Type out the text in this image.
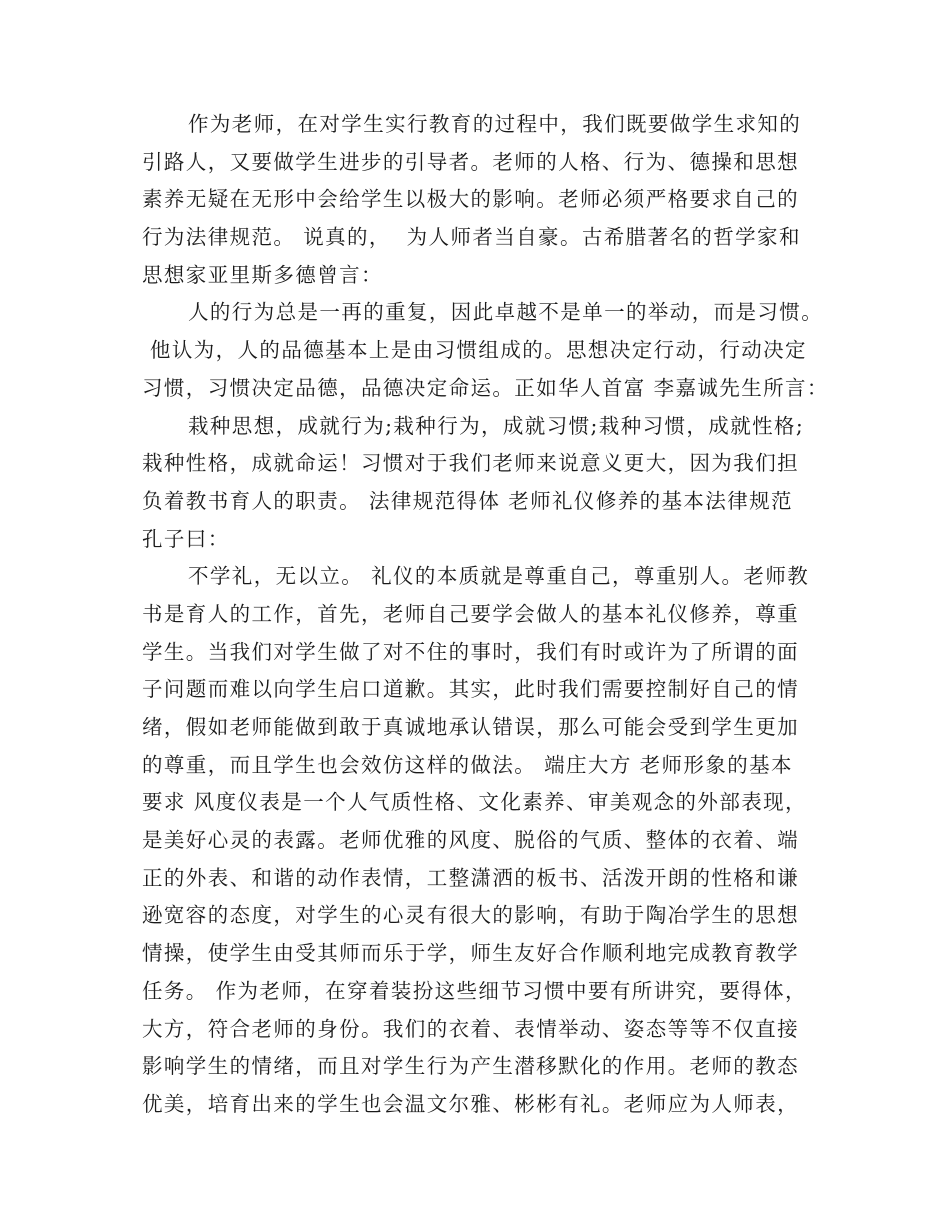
作为老师，在对学生实行教育的过程中，我们既要做学生求知的
引路人，又要做学生进步的引导者。老师的人格、行为、德操和思想
素养无疑在无形中会给学生以极大的影响。老师必须严格要求自己的
行为法律规范。 说真的，  为人师者当自豪。古希腊著名的哲学家和
思想家亚里斯多德曾言：
人的行为总是一再的重复，因此卓越不是单一的举动，而是习惯。
他认为，人的品德基本上是由习惯组成的。思想决定行动，行动决定
习惯，习惯决定品德，品德决定命运。正如华人首富 李嘉诚先生所言：
栽种思想，成就行为;栽种行为，成就习惯;栽种习惯，成就性格;
栽种性格，成就命运！习惯对于我们老师来说意义更大，因为我们担
负着教书育人的职责。 法律规范得体 老师礼仪修养的基本法律规范
孔子曰：
不学礼，无以立。 礼仪的本质就是尊重自己，尊重别人。老师教
书是育人的工作，首先，老师自己要学会做人的基本礼仪修养，尊重
学生。当我们对学生做了对不住的事时，我们有时或许为了所谓的面
子问题而难以向学生启口道歉。其实，此时我们需要控制好自己的情
绪，假如老师能做到敢于真诚地承认错误，那么可能会受到学生更加
的尊重，而且学生也会效仿这样的做法。 端庄大方 老师形象的基本
要求 风度仪表是一个人气质性格、文化素养、审美观念的外部表现，
是美好心灵的表露。老师优雅的风度、脱俗的气质、整体的衣着、端
正的外表、和谐的动作表情，工整潇洒的板书、活泼开朗的性格和谦
逊宽容的态度，对学生的心灵有很大的影响，有助于陶冶学生的思想
情操，使学生由受其师而乐于学，师生友好合作顺利地完成教育教学
任务。 作为老师，在穿着装扮这些细节习惯中要有所讲究，要得体，
大方，符合老师的身份。我们的衣着、表情举动、姿态等等不仅直接
影响学生的情绪，而且对学生行为产生潜移默化的作用。老师的教态
优美，培育出来的学生也会温文尔雅、彬彬有礼。老师应为人师表，
